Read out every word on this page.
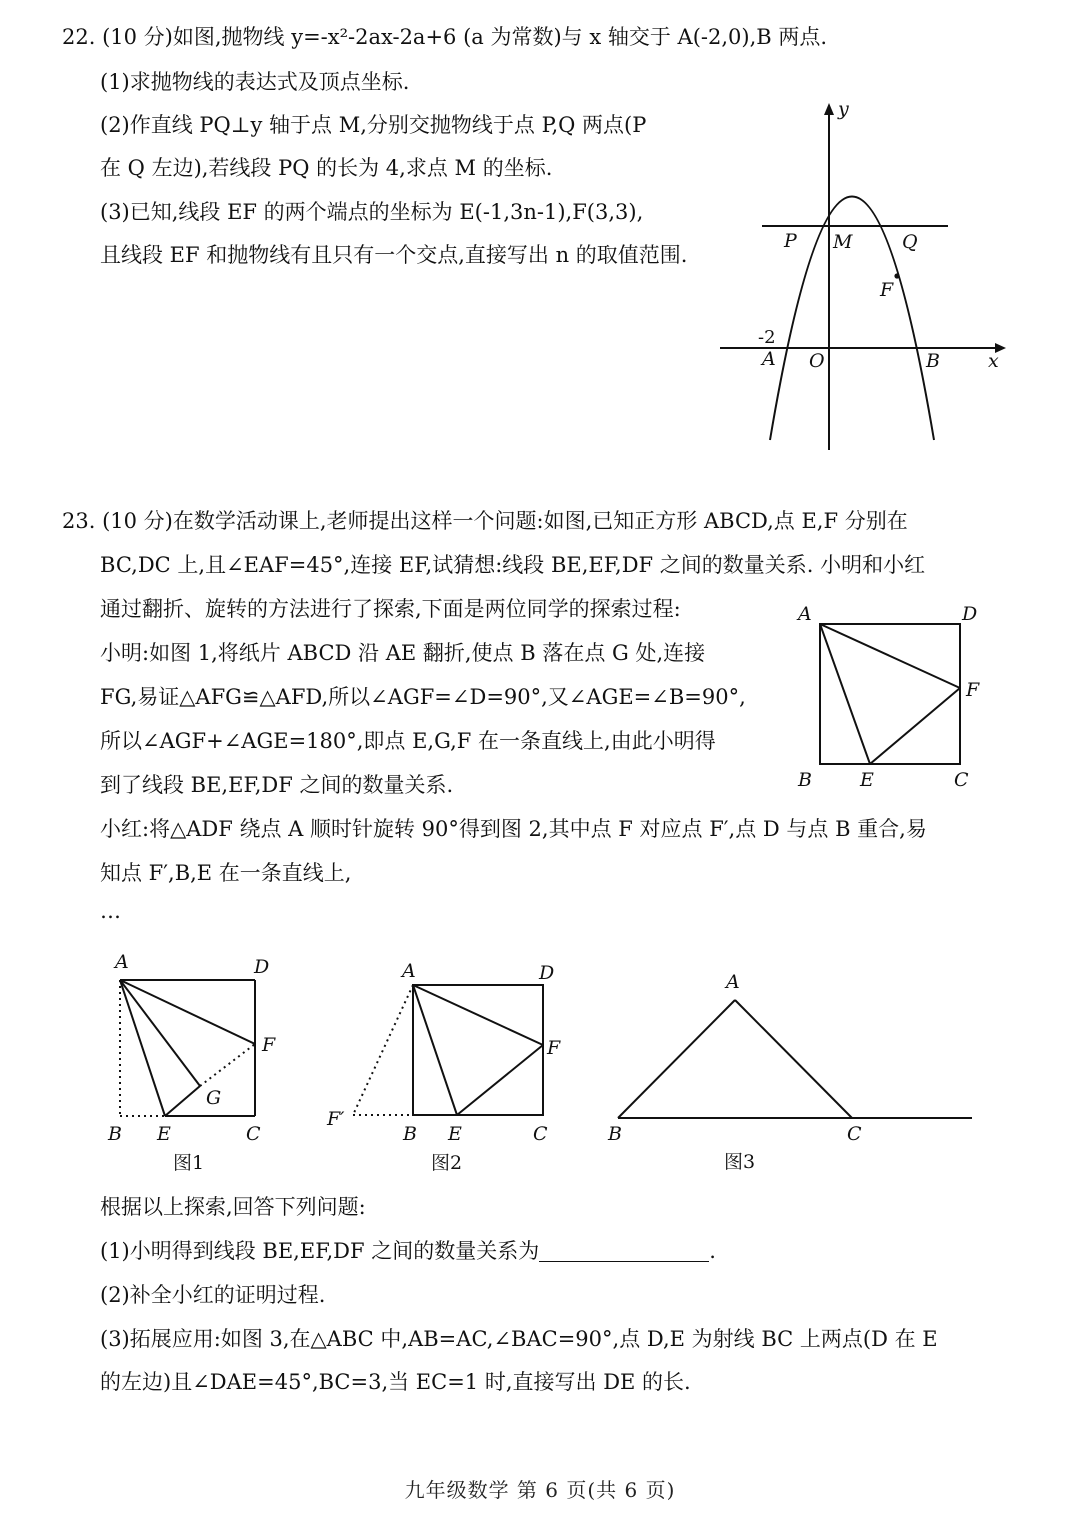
22. (10 分)如图,抛物线 y=-x²-2ax-2a+6 (a 为常数)与 x 轴交于 A(-2,0),B 两点.
(1)求抛物线的表达式及顶点坐标.
(2)作直线 PQ⊥y 轴于点 M,分别交抛物线于点 P,Q 两点(P
在 Q 左边),若线段 PQ 的长为 4,求点 M 的坐标.
(3)已知,线段 EF 的两个端点的坐标为 E(-1,3n-1),F(3,3),
且线段 EF 和抛物线有且只有一个交点,直接写出 n 的取值范围.
y
x
P M	Q
F
-2
A O	B
23. (10 分)在数学活动课上,老师提出这样一个问题:如图,已知正方形 ABCD,点 E,F 分别在
BC,DC 上,且∠EAF=45°,连接 EF,试猜想:线段 BE,EF,DF 之间的数量关系. 小明和小红
通过翻折、旋转的方法进行了探索,下面是两位同学的探索过程:
小明:如图 1,将纸片 ABCD 沿 AE 翻折,使点 B 落在点 G 处,连接
FG,易证△AFG≌△AFD,所以∠AGF=∠D=90°,又∠AGE=∠B=90°,
所以∠AGF+∠AGE=180°,即点 E,G,F 在一条直线上,由此小明得
到了线段 BE,EF,DF 之间的数量关系.
小红:将△ADF 绕点 A 顺时针旋转 90°得到图 2,其中点 F 对应点 F′,点 D 与点 B 重合,易
知点 F′,B,E 在一条直线上,
…
A	D
F
B	E	C
A	D
F
G
B E	C
图1
A	D
F
F′
B E	C
图2
A
B	C
图3
根据以上探索,回答下列问题:
(1)小明得到线段 BE,EF,DF 之间的数量关系为	.
(2)补全小红的证明过程.
(3)拓展应用:如图 3,在△ABC 中,AB=AC,∠BAC=90°,点 D,E 为射线 BC 上两点(D 在 E
的左边)且∠DAE=45°,BC=3,当 EC=1 时,直接写出 DE 的长.
九年级数学 第 6 页(共 6 页)
